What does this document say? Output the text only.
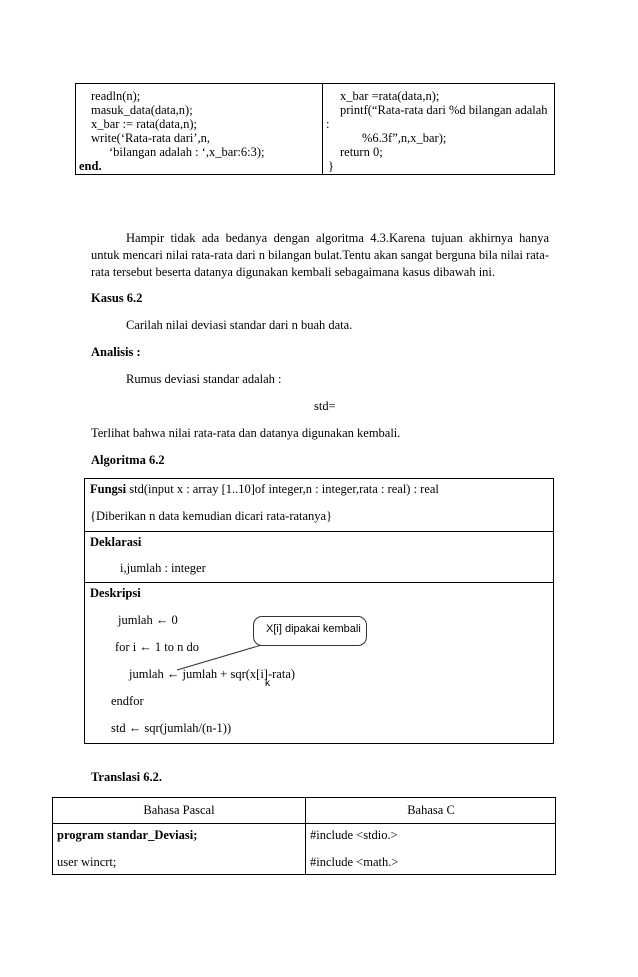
readln(n);
masuk_data(data,n);
x_bar := rata(data,n);
write(‘Rata-rata dari’,n,
‘bilangan adalah : ‘,x_bar:6:3);
end.
x_bar =rata(data,n);
printf(“Rata-rata dari %d bilangan adalah
:
%6.3f”,n,x_bar);
return 0;
}
Hampir tidak ada bedanya dengan algoritma 4.3.Karena tujuan akhirnya hanya untuk mencari nilai rata-rata dari n bilangan bulat.Tentu akan sangat berguna bila nilai rata-rata tersebut beserta datanya digunakan kembali sebagaimana kasus dibawah ini.
Kasus 6.2
Carilah nilai deviasi standar dari n buah data.
Analisis :
Rumus deviasi standar adalah :
std=
Terlihat bahwa nilai rata-rata dan datanya digunakan kembali.
Algoritma 6.2
Fungsi std(input x : array [1..10]of integer,n : integer,rata : real) : real
{Diberikan n data kemudian dicari rata-ratanya}
Deklarasi
i,jumlah : integer
Deskripsi
jumlah ← 0
for i ← 1 to n do
jumlah ← jumlah + sqr(x[i]-rata)
endfor
std ← sqr(jumlah/(n-1))
k
X[i] dipakai kembali
Translasi 6.2.
Bahasa Pascal	Bahasa C
program standar_Deviasi;
user wincrt;
#include <stdio.>
#include <math.>
